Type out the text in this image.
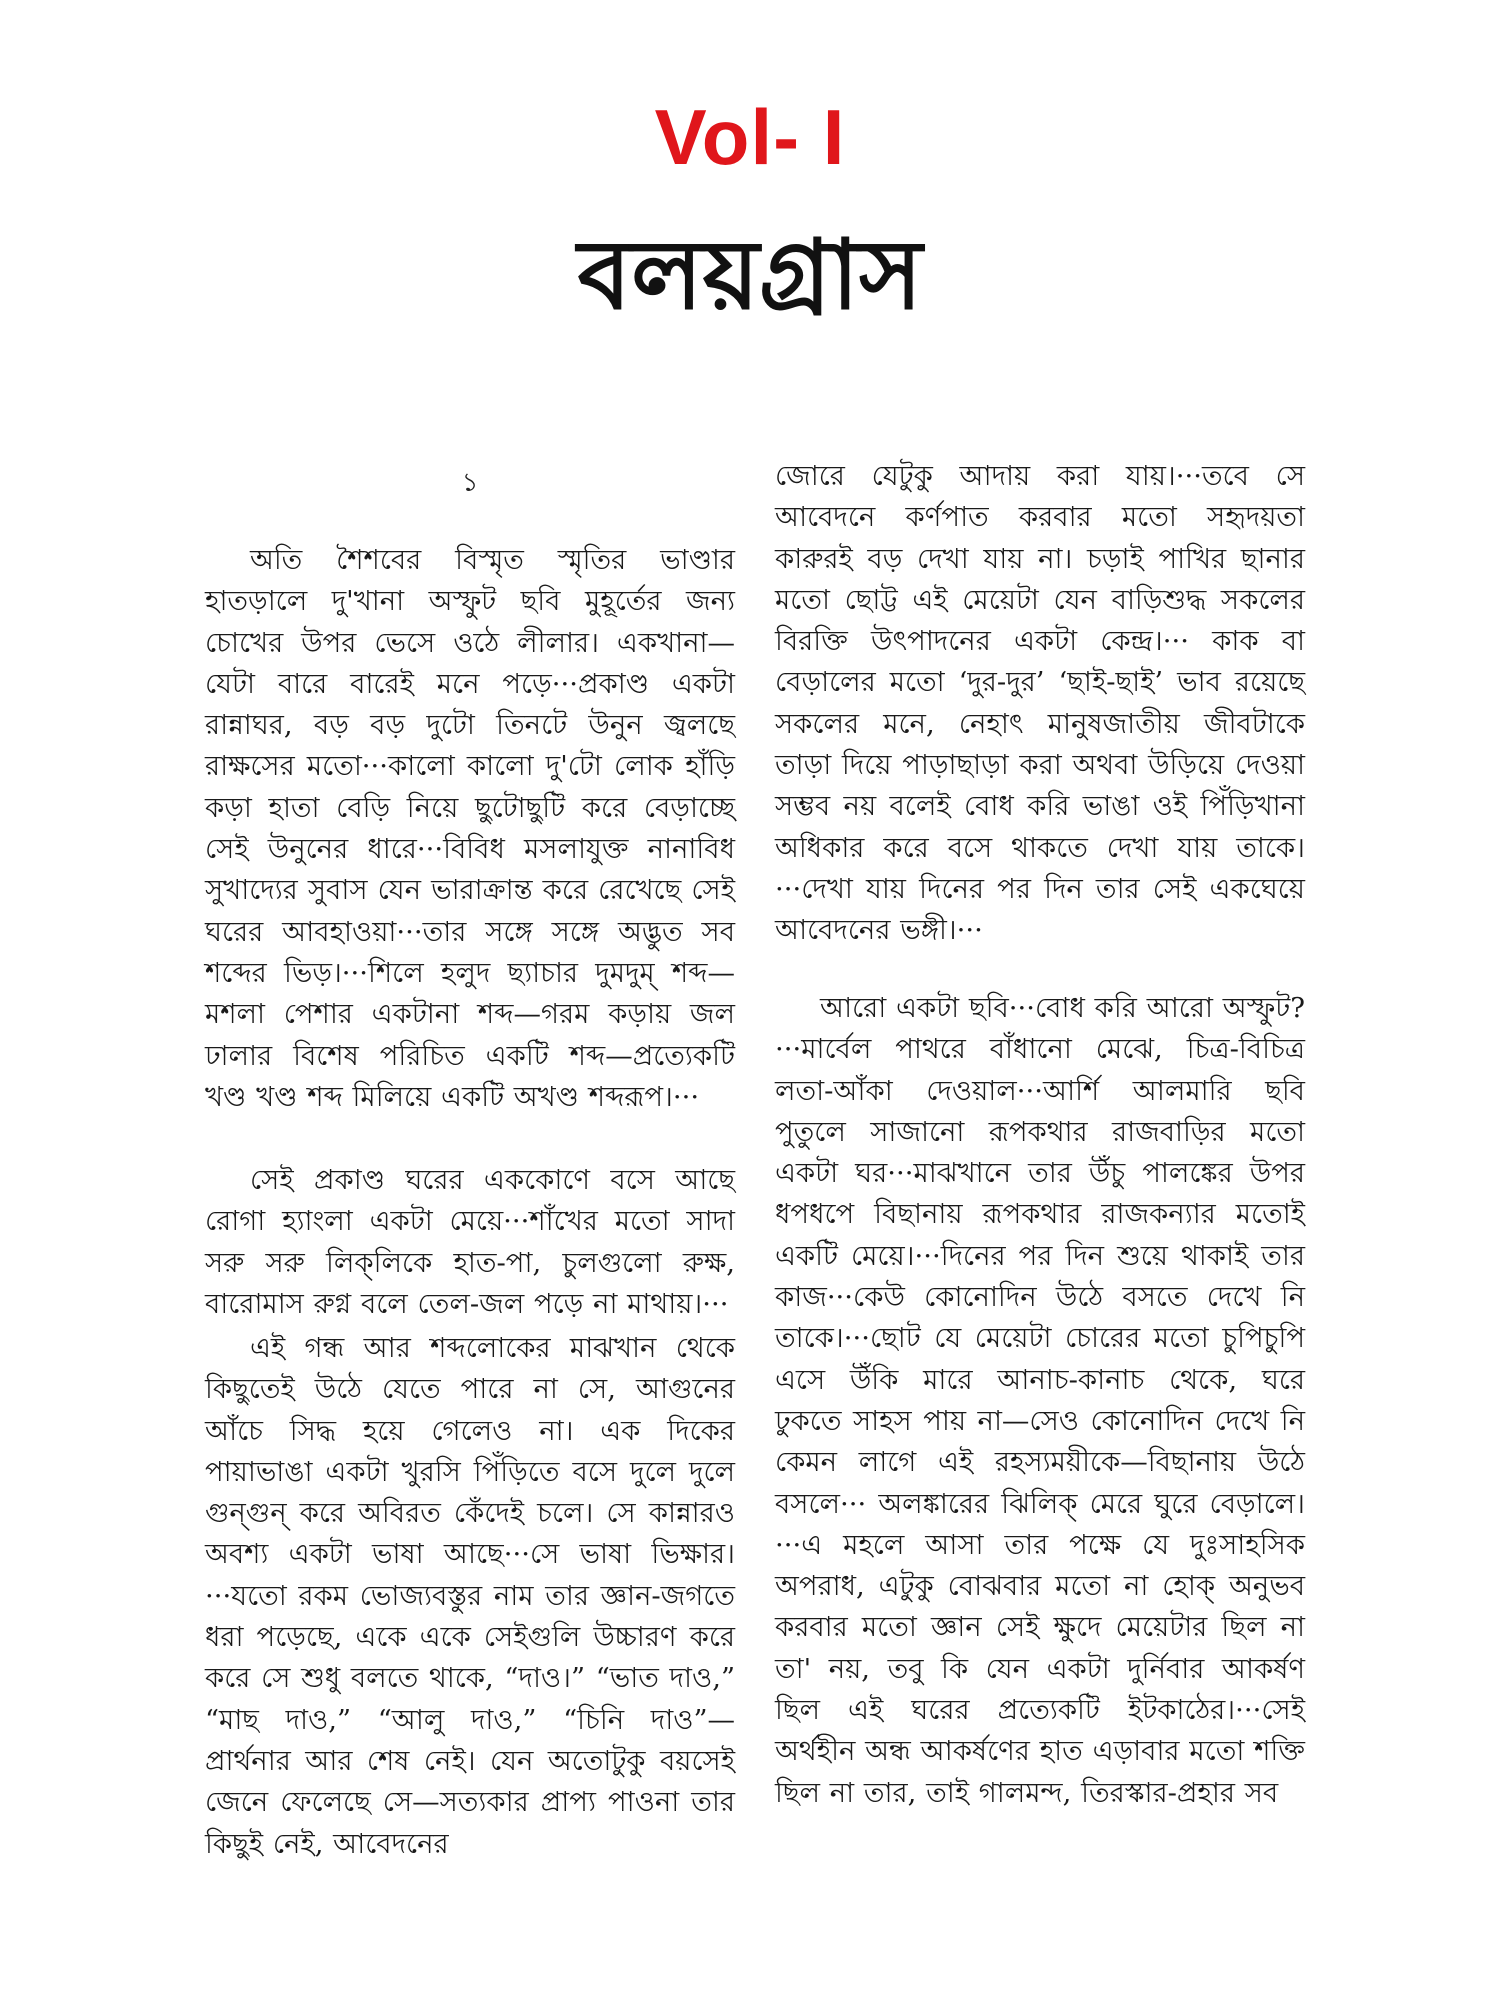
Vol- I
বলয়গ্রাস
১

অতি শৈশবের বিস্মৃত স্মৃতির ভাণ্ডার হাতড়ালে দু'খানা অস্ফুট ছবি মুহূর্তের জন্য চোখের উপর ভেসে ওঠে লীলার। একখানা—যেটা বারে বারেই মনে পড়ে···প্রকাণ্ড একটা রান্নাঘর, বড় বড় দুটো তিনটে উনুন জ্বলছে রাক্ষসের মতো···কালো কালো দু'টো লোক হাঁড়ি কড়া হাতা বেড়ি নিয়ে ছুটোছুটি করে বেড়াচ্ছে সেই উনুনের ধারে···বিবিধ মসলাযুক্ত নানাবিধ সুখাদ্যের সুবাস যেন ভারাক্রান্ত করে রেখেছে সেই ঘরের আবহাওয়া···তার সঙ্গে সঙ্গে অদ্ভুত সব শব্দের ভিড়।···শিলে হলুদ ছ্যাচার দুমদুম্ শব্দ—মশলা পেশার একটানা শব্দ—গরম কড়ায় জল ঢালার বিশেষ পরিচিত একটি শব্দ—প্রত্যেকটি খণ্ড খণ্ড শব্দ মিলিয়ে একটি অখণ্ড শব্দরূপ।···

সেই প্রকাণ্ড ঘরের এককোণে বসে আছে রোগা হ্যাংলা একটা মেয়ে···শাঁখের মতো সাদা সরু সরু লিক্‌লিকে হাত-পা, চুলগুলো রুক্ষ, বারোমাস রুগ্ন বলে তেল-জল পড়ে না মাথায়।···

এই গন্ধ আর শব্দলোকের মাঝখান থেকে কিছুতেই উঠে যেতে পারে না সে, আগুনের আঁচে সিদ্ধ হয়ে গেলেও না। এক দিকের পায়াভাঙা একটা খুরসি পিঁড়িতে বসে দুলে দুলে গুন্‌গুন্ করে অবিরত কেঁদেই চলে। সে কান্নারও অবশ্য একটা ভাষা আছে···সে ভাষা ভিক্ষার।···যতো রকম ভোজ্যবস্তুর নাম তার জ্ঞান-জগতে ধরা পড়েছে, একে একে সেইগুলি উচ্চারণ করে করে সে শুধু বলতে থাকে, “দাও।” “ভাত দাও,” “মাছ দাও,” “আলু দাও,” “চিনি দাও”—প্রার্থনার আর শেষ নেই। যেন অতোটুকু বয়সেই জেনে ফেলেছে সে—সত্যকার প্রাপ্য পাওনা তার কিছুই নেই, আবেদনের

জোরে যেটুকু আদায় করা যায়।···তবে সে আবেদনে কর্ণপাত করবার মতো সহৃদয়তা কারুরই বড় দেখা যায় না। চড়াই পাখির ছানার মতো ছোট্ট এই মেয়েটা যেন বাড়িশুদ্ধ সকলের বিরক্তি উৎপাদনের একটা কেন্দ্র।··· কাক বা বেড়ালের মতো ‘দুর-দুর’ ‘ছাই-ছাই’ ভাব রয়েছে সকলের মনে, নেহাৎ মানুষজাতীয় জীবটাকে তাড়া দিয়ে পাড়াছাড়া করা অথবা উড়িয়ে দেওয়া সম্ভব নয় বলেই বোধ করি ভাঙা ওই পিঁড়িখানা অধিকার করে বসে থাকতে দেখা যায় তাকে।···দেখা যায় দিনের পর দিন তার সেই একঘেয়ে আবেদনের ভঙ্গী।···

আরো একটা ছবি···বোধ করি আরো অস্ফুট?···মার্বেল পাথরে বাঁধানো মেঝে, চিত্র-বিচিত্র লতা-আঁকা দেওয়াল···আর্শি আলমারি ছবি পুতুলে সাজানো রূপকথার রাজবাড়ির মতো একটা ঘর···মাঝখানে তার উঁচু পালঙ্কের উপর ধপধপে বিছানায় রূপকথার রাজকন্যার মতোই একটি মেয়ে।···দিনের পর দিন শুয়ে থাকাই তার কাজ···কেউ কোনোদিন উঠে বসতে দেখে নি তাকে।···ছোট যে মেয়েটা চোরের মতো চুপিচুপি এসে উঁকি মারে আনাচ-কানাচ থেকে, ঘরে ঢুকতে সাহস পায় না—সেও কোনোদিন দেখে নি কেমন লাগে এই রহস্যময়ীকে—বিছানায় উঠে বসলে··· অলঙ্কারের ঝিলিক্ মেরে ঘুরে বেড়ালে।···এ মহলে আসা তার পক্ষে যে দুঃসাহসিক অপরাধ, এটুকু বোঝবার মতো না হোক্ অনুভব করবার মতো জ্ঞান সেই ক্ষুদে মেয়েটার ছিল না তা' নয়, তবু কি যেন একটা দুর্নিবার আকর্ষণ ছিল এই ঘরের প্রত্যেকটি ইটকাঠের।···সেই অর্থহীন অন্ধ আকর্ষণের হাত এড়াবার মতো শক্তি ছিল না তার, তাই গালমন্দ, তিরস্কার-প্রহার সব
